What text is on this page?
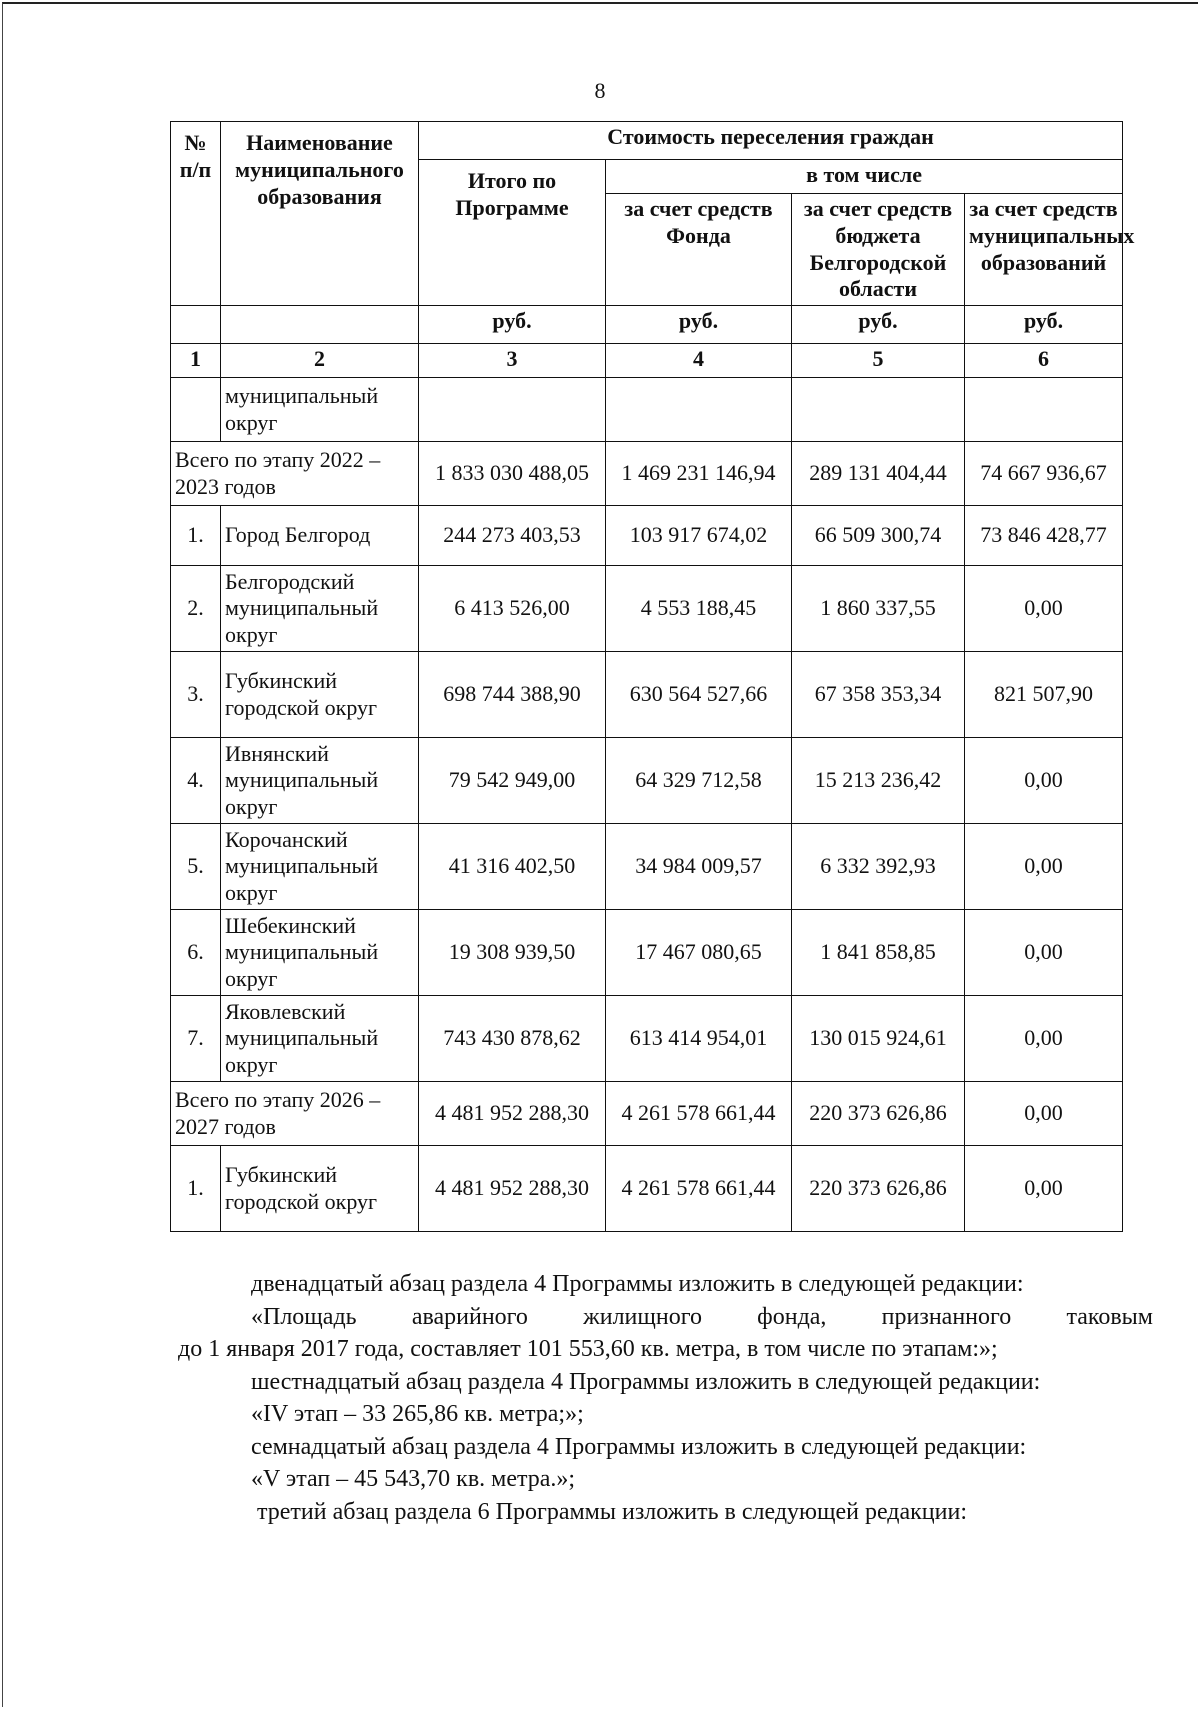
8
№ п/п	Наименование муниципального образования	Стоимость переселения граждан			
		Итого по Программе	в том числе		
			за счет средств Фонда	за счет средств бюджета Белгородской области	за счет средств муниципальных образований
		руб.	руб.	руб.	руб.
1	2	3	4	5	6
	муниципальный округ				
Всего по этапу 2022 – 2023 годов		1 833 030 488,05	1 469 231 146,94	289 131 404,44	74 667 936,67
1.	Город Белгород	244 273 403,53	103 917 674,02	66 509 300,74	73 846 428,77
2.	Белгородский муниципальный округ	6 413 526,00	4 553 188,45	1 860 337,55	0,00
3.	Губкинский городской округ	698 744 388,90	630 564 527,66	67 358 353,34	821 507,90
4.	Ивнянский муниципальный округ	79 542 949,00	64 329 712,58	15 213 236,42	0,00
5.	Корочанский муниципальный округ	41 316 402,50	34 984 009,57	6 332 392,93	0,00
6.	Шебекинский муниципальный округ	19 308 939,50	17 467 080,65	1 841 858,85	0,00
7.	Яковлевский муниципальный округ	743 430 878,62	613 414 954,01	130 015 924,61	0,00
Всего по этапу 2026 – 2027 годов		4 481 952 288,30	4 261 578 661,44	220 373 626,86	0,00
1.	Губкинский городской округ	4 481 952 288,30	4 261 578 661,44	220 373 626,86	0,00

двенадцатый абзац раздела 4 Программы изложить в следующей редакции:

«Площадь аварийного жилищного фонда, признанного таковым

до 1 января 2017 года, составляет 101 553,60 кв. метра, в том числе по этапам:»;

шестнадцатый абзац раздела 4 Программы изложить в следующей редакции:

«IV этап – 33 265,86 кв. метра;»;

семнадцатый абзац раздела 4 Программы изложить в следующей редакции:

«V этап – 45 543,70 кв. метра.»;

третий абзац раздела 6 Программы изложить в следующей редакции:
